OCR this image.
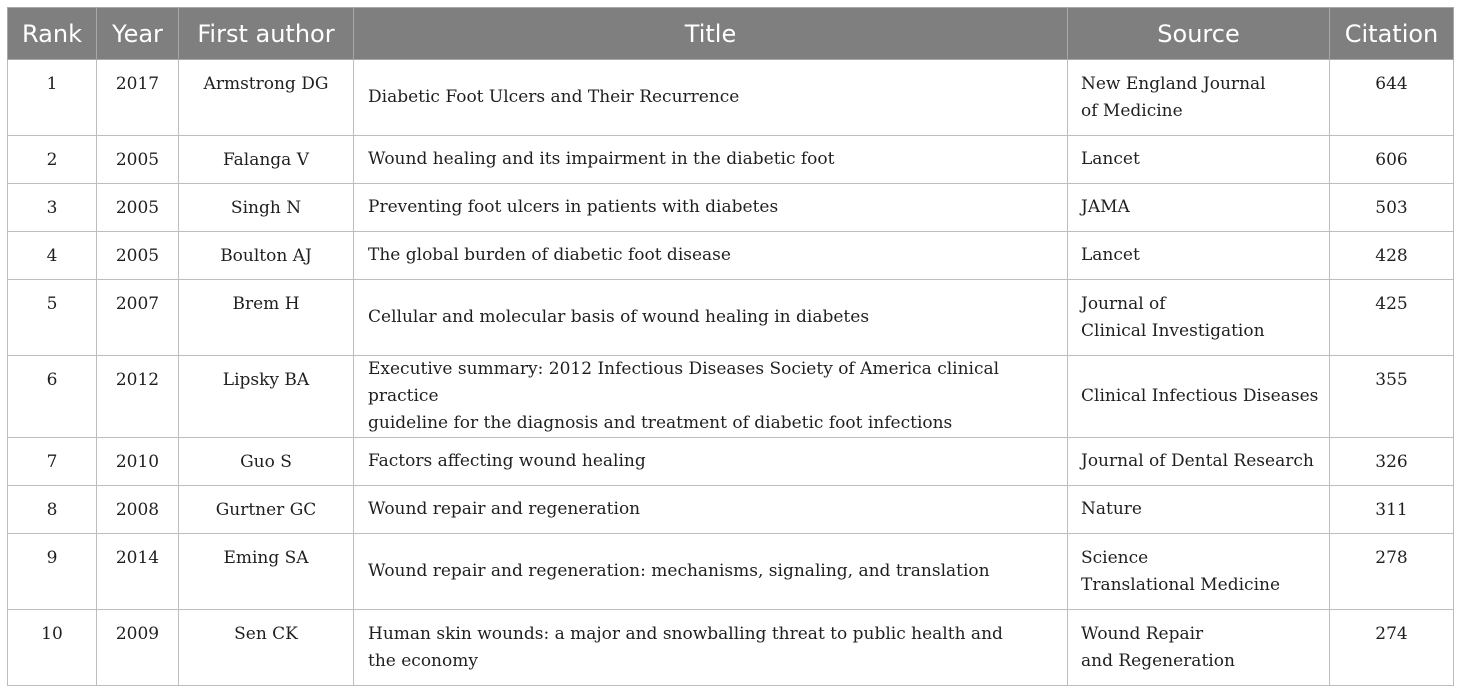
Rank	Year	First author	Title	Source	Citation
1	2017	Armstrong DG	Diabetic Foot Ulcers and Their Recurrence	New England Journal
of Medicine	644
2	2005	Falanga V	Wound healing and its impairment in the diabetic foot	Lancet	606
3	2005	Singh N	Preventing foot ulcers in patients with diabetes	JAMA	503
4	2005	Boulton AJ	The global burden of diabetic foot disease	Lancet	428
5	2007	Brem H	Cellular and molecular basis of wound healing in diabetes	Journal of
Clinical Investigation	425
6	2012	Lipsky BA	Executive summary: 2012 Infectious Diseases Society of America clinical practice
guideline for the diagnosis and treatment of diabetic foot infections	Clinical Infectious Diseases	355
7	2010	Guo S	Factors affecting wound healing	Journal of Dental Research	326
8	2008	Gurtner GC	Wound repair and regeneration	Nature	311
9	2014	Eming SA	Wound repair and regeneration: mechanisms, signaling, and translation	Science
Translational Medicine	278
10	2009	Sen CK	Human skin wounds: a major and snowballing threat to public health and
the economy	Wound Repair
and Regeneration	274
